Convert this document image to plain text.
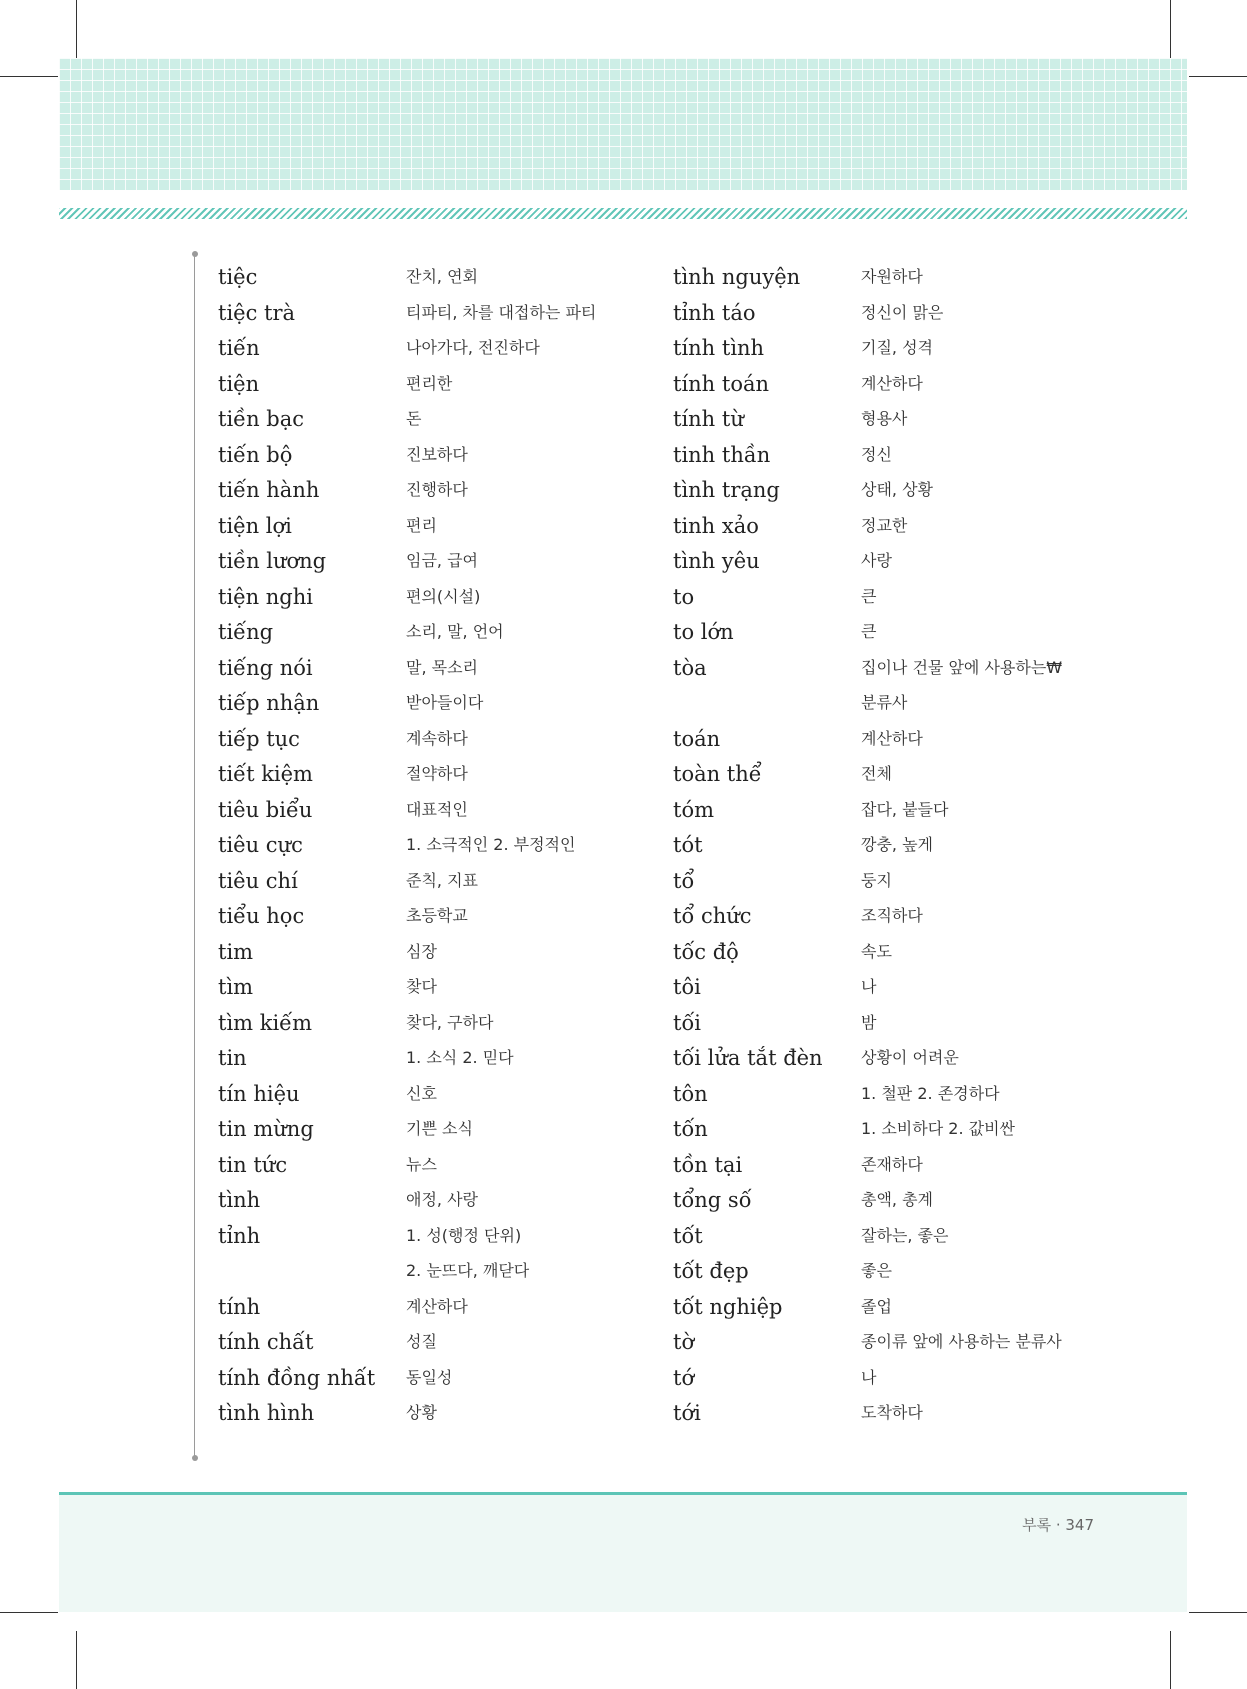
tiệc	잔치, 연회
tiệc trà	티파티, 차를 대접하는 파티
tiến	나아가다, 전진하다
tiện	편리한
tiền bạc	돈
tiến bộ	진보하다
tiến hành	진행하다
tiện lợi	편리
tiền lương	임금, 급여
tiện nghi	편의(시설)
tiếng	소리, 말, 언어
tiếng nói	말, 목소리
tiếp nhận	받아들이다
tiếp tục	계속하다
tiết kiệm	절약하다
tiêu biểu	대표적인
tiêu cực	1. 소극적인 2. 부정적인
tiêu chí	준칙, 지표
tiểu học	초등학교
tim	심장
tìm	찾다
tìm kiếm	찾다, 구하다
tin	1. 소식 2. 믿다
tín hiệu	신호
tin mừng	기쁜 소식
tin tức	뉴스
tình	애정, 사랑
tỉnh	1. 성(행정 단위)
2. 눈뜨다, 깨닫다
tính	계산하다
tính chất	성질
tính đồng nhất 동일성
tình hình	상황
tình nguyện	자원하다
tỉnh táo	정신이 맑은
tính tình	기질, 성격
tính toán	계산하다
tính từ	형용사
tinh thần	정신
tình trạng	상태, 상황
tinh xảo	정교한
tình yêu	사랑
to	큰
to lớn	큰
tòa	집이나 건물 앞에 사용하는₩
분류사
toán	계산하다
toàn thể	전체
tóm	잡다, 붙들다
tót	깡충, 높게
tổ	둥지
tổ chức	조직하다
tốc độ	속도
tôi	나
tối	밤
tối lửa tắt đèn 상황이 어려운
tôn	1. 철판 2. 존경하다
tốn	1. 소비하다 2. 값비싼
tồn tại	존재하다
tổng số	총액, 총계
tốt	잘하는, 좋은
tốt đẹp	좋은
tốt nghiệp	졸업
tờ	종이류 앞에 사용하는 분류사
tớ	나
tới	도착하다
부록 · 347
